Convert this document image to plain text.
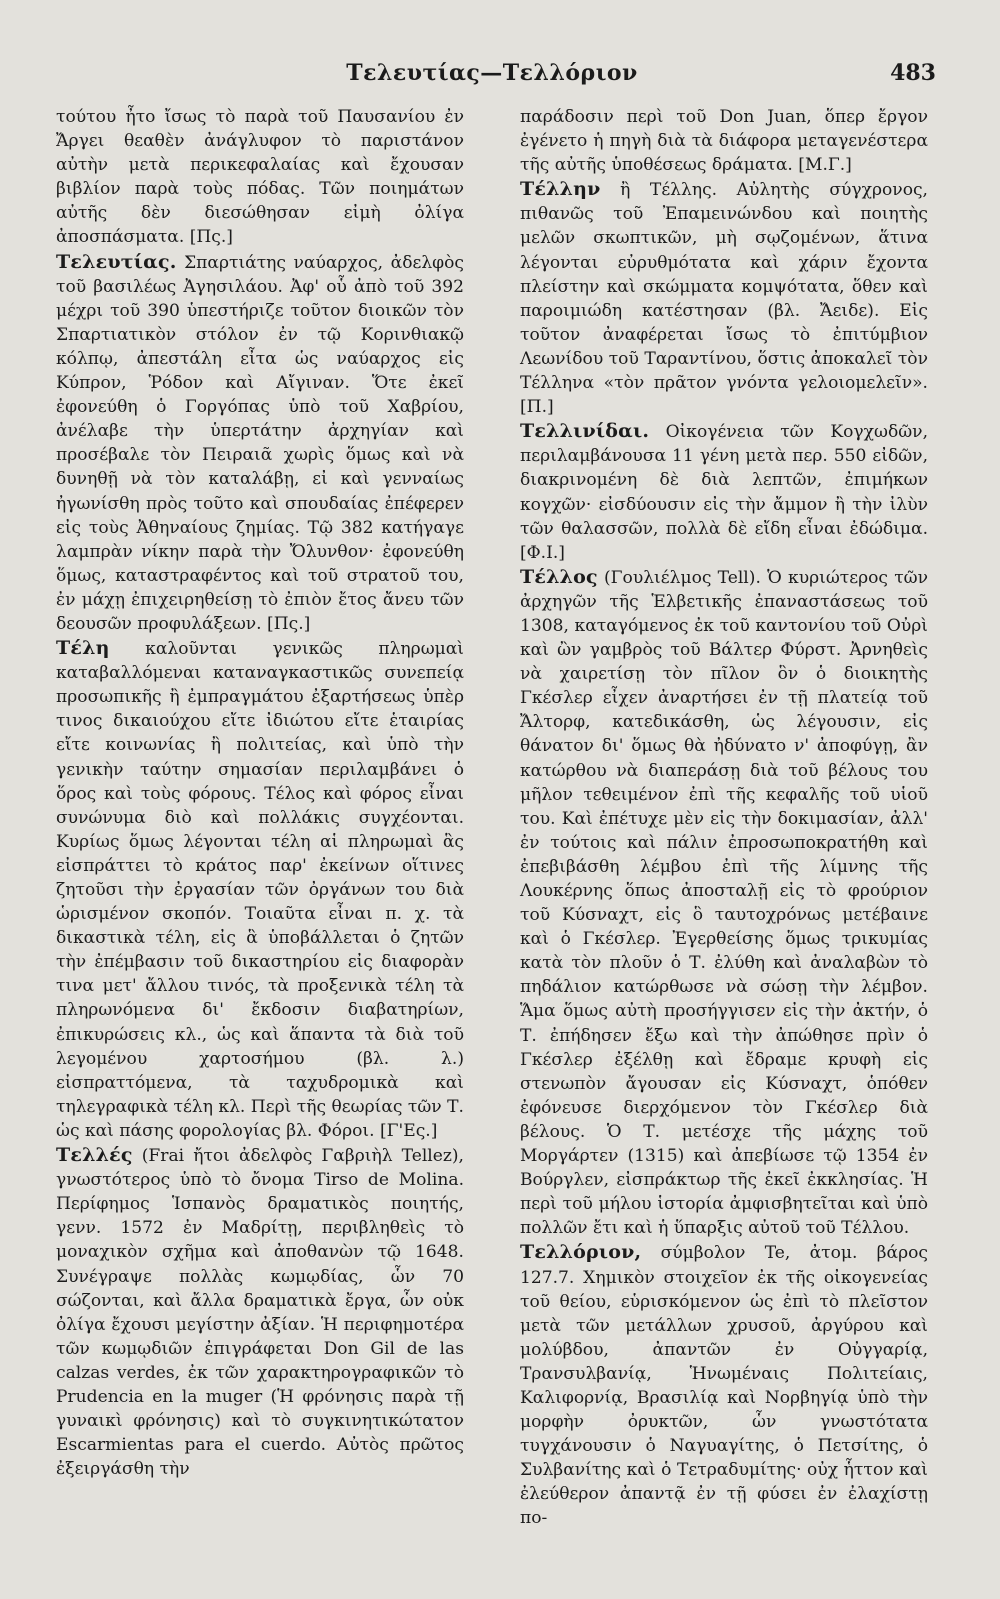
Τελευτίας—Τελλόριον	483

τούτου ἦτο ἴσως τὸ παρὰ τοῦ Παυσανίου ἐν Ἄργει θεαθὲν ἀνάγλυφον τὸ παριστάνον αὐτὴν μετὰ περικεφαλαίας καὶ ἔχουσαν βιβλίον παρὰ τοὺς πόδας. Τῶν ποιημάτων αὐτῆς δὲν διεσώθησαν εἰμὴ ὀλίγα ἀποσπάσματα. [Πς.]

Τελευτίας. Σπαρτιάτης ναύαρχος, ἀδελφὸς τοῦ βασιλέως Ἀγησιλάου. Ἀφ' οὗ ἀπὸ τοῦ 392 μέχρι τοῦ 390 ὑπεστήριζε τοῦτον διοικῶν τὸν Σπαρτιατικὸν στόλον ἐν τῷ Κορινθιακῷ κόλπῳ, ἀπεστάλη εἶτα ὡς ναύαρχος εἰς Κύπρον, Ῥόδον καὶ Αἴγιναν. Ὅτε ἐκεῖ ἐφονεύθη ὁ Γοργόπας ὑπὸ τοῦ Χαβρίου, ἀνέλαβε τὴν ὑπερτάτην ἀρχηγίαν καὶ προσέβαλε τὸν Πειραιᾶ χωρὶς ὅμως καὶ νὰ δυνηθῇ νὰ τὸν καταλάβῃ, εἰ καὶ γενναίως ἠγωνίσθη πρὸς τοῦτο καὶ σπουδαίας ἐπέφερεν εἰς τοὺς Ἀθηναίους ζημίας. Τῷ 382 κατήγαγε λαμπρὰν νίκην παρὰ τὴν Ὄλυνθον· ἐφονεύθη ὅμως, καταστραφέντος καὶ τοῦ στρατοῦ του, ἐν μάχῃ ἐπιχειρηθείσῃ τὸ ἐπιὸν ἔτος ἄνευ τῶν δεουσῶν προφυλάξεων. [Πς.]

Τέλη καλοῦνται γενικῶς πληρωμαὶ καταβαλλόμεναι καταναγκαστικῶς συνεπείᾳ προσωπικῆς ἢ ἐμπραγμάτου ἐξαρτήσεως ὑπὲρ τινος δικαιούχου εἴτε ἰδιώτου εἴτε ἑταιρίας εἴτε κοινωνίας ἢ πολιτείας, καὶ ὑπὸ τὴν γενικὴν ταύτην σημασίαν περιλαμβάνει ὁ ὅρος καὶ τοὺς φόρους. Τέλος καὶ φόρος εἶναι συνώνυμα διὸ καὶ πολλάκις συγχέονται. Κυρίως ὅμως λέγονται τέλη αἱ πληρωμαὶ ἃς εἰσπράττει τὸ κράτος παρ' ἐκείνων οἵτινες ζητοῦσι τὴν ἐργασίαν τῶν ὀργάνων του διὰ ὡρισμένον σκοπόν. Τοιαῦτα εἶναι π. χ. τὰ δικαστικὰ τέλη, εἰς ἃ ὑποβάλλεται ὁ ζητῶν τὴν ἐπέμβασιν τοῦ δικαστηρίου εἰς διαφορὰν τινα μετ' ἄλλου τινός, τὰ προξενικὰ τέλη τὰ πληρωνόμενα δι' ἔκδοσιν διαβατηρίων, ἐπικυρώσεις κλ., ὡς καὶ ἅπαντα τὰ διὰ τοῦ λεγομένου χαρτοσήμου (βλ. λ.) εἰσπραττόμενα, τὰ ταχυδρομικὰ καὶ τηλεγραφικὰ τέλη κλ. Περὶ τῆς θεωρίας τῶν Τ. ὡς καὶ πάσης φορολογίας βλ. Φόροι. [Γ'Ες.]

Τελλές (Frai ἤτοι ἀδελφὸς Γαβριὴλ Tellez), γνωστότερος ὑπὸ τὸ ὄνομα Tirso de Molina. Περίφημος Ἱσπανὸς δραματικὸς ποιητής, γενν. 1572 ἐν Μαδρίτῃ, περιβληθεὶς τὸ μοναχικὸν σχῆμα καὶ ἀποθανὼν τῷ 1648. Συνέγραψε πολλὰς κωμῳδίας, ὧν 70 σώζονται, καὶ ἄλλα δραματικὰ ἔργα, ὧν οὐκ ὀλίγα ἔχουσι μεγίστην ἀξίαν. Ἡ περιφημοτέρα τῶν κωμῳδιῶν ἐπιγράφεται Don Gil de las calzas verdes, ἐκ τῶν χαρακτηρογραφικῶν τὸ Prudencia en la muger (Ἡ φρόνησις παρὰ τῇ γυναικὶ φρόνησις) καὶ τὸ συγκινητικώτατον Escarmientas para el cuerdo. Αὐτὸς πρῶτος ἐξειργάσθη τὴν

παράδοσιν περὶ τοῦ Don Juan, ὅπερ ἔργον ἐγένετο ἡ πηγὴ διὰ τὰ διάφορα μεταγενέστερα τῆς αὐτῆς ὑποθέσεως δράματα. [Μ.Γ.]

Τέλλην ἢ Τέλλης. Αὐλητὴς σύγχρονος, πιθανῶς τοῦ Ἐπαμεινώνδου καὶ ποιητὴς μελῶν σκωπτικῶν, μὴ σῳζομένων, ἅτινα λέγονται εὐρυθμότατα καὶ χάριν ἔχοντα πλείστην καὶ σκώμματα κομψότατα, ὅθεν καὶ παροιμιώδη κατέστησαν (βλ. Ἄειδε). Εἰς τοῦτον ἀναφέρεται ἴσως τὸ ἐπιτύμβιον Λεωνίδου τοῦ Ταραντίνου, ὅστις ἀποκαλεῖ τὸν Τέλληνα «τὸν πρᾶτον γνόντα γελοιομελεῖν». [Π.]

Τελλινίδαι. Οἰκογένεια τῶν Κογχωδῶν, περιλαμβάνουσα 11 γένη μετὰ περ. 550 εἰδῶν, διακρινομένη δὲ διὰ λεπτῶν, ἐπιμήκων κογχῶν· εἰσδύουσιν εἰς τὴν ἄμμον ἢ τὴν ἰλὺν τῶν θαλασσῶν, πολλὰ δὲ εἴδη εἶναι ἐδώδιμα. [Φ.Ι.]

Τέλλος (Γουλιέλμος Tell). Ὁ κυριώτερος τῶν ἀρχηγῶν τῆς Ἑλβετικῆς ἐπαναστάσεως τοῦ 1308, καταγόμενος ἐκ τοῦ καντονίου τοῦ Οὐρὶ καὶ ὢν γαμβρὸς τοῦ Βάλτερ Φύρστ. Ἀρνηθεὶς νὰ χαιρετίσῃ τὸν πῖλον ὃν ὁ διοικητὴς Γκέσλερ εἶχεν ἀναρτήσει ἐν τῇ πλατείᾳ τοῦ Ἄλτορφ, κατεδικάσθη, ὡς λέγουσιν, εἰς θάνατον δι' ὅμως θὰ ἠδύνατο ν' ἀποφύγῃ, ἂν κατώρθου νὰ διαπεράσῃ διὰ τοῦ βέλους του μῆλον τεθειμένον ἐπὶ τῆς κεφαλῆς τοῦ υἱοῦ του. Καὶ ἐπέτυχε μὲν εἰς τὴν δοκιμασίαν, ἀλλ' ἐν τούτοις καὶ πάλιν ἐπροσωποκρατήθη καὶ ἐπεβιβάσθη λέμβου ἐπὶ τῆς λίμνης τῆς Λουκέρνης ὅπως ἀποσταλῇ εἰς τὸ φρούριον τοῦ Κύσναχτ, εἰς ὃ ταυτοχρόνως μετέβαινε καὶ ὁ Γκέσλερ. Ἐγερθείσης ὅμως τρικυμίας κατὰ τὸν πλοῦν ὁ Τ. ἐλύθη καὶ ἀναλαβὼν τὸ πηδάλιον κατώρθωσε νὰ σώσῃ τὴν λέμβον. Ἅμα ὅμως αὐτὴ προσήγγισεν εἰς τὴν ἀκτήν, ὁ Τ. ἐπήδησεν ἔξω καὶ τὴν ἀπώθησε πρὶν ὁ Γκέσλερ ἐξέλθῃ καὶ ἔδραμε κρυφὴ εἰς στενωπὸν ἄγουσαν εἰς Κύσναχτ, ὁπόθεν ἐφόνευσε διερχόμενον τὸν Γκέσλερ διὰ βέλους. Ὁ Τ. μετέσχε τῆς μάχης τοῦ Μοργάρτεν (1315) καὶ ἀπεβίωσε τῷ 1354 ἐν Βούργλεν, εἰσπράκτωρ τῆς ἐκεῖ ἐκκλησίας. Ἡ περὶ τοῦ μήλου ἱστορία ἀμφισβητεῖται καὶ ὑπὸ πολλῶν ἔτι καὶ ἡ ὕπαρξις αὐτοῦ τοῦ Τέλλου.

Τελλόριον, σύμβολον Te, ἀτομ. βάρος 127.7. Χημικὸν στοιχεῖον ἐκ τῆς οἰκογενείας τοῦ θείου, εὑρισκόμενον ὡς ἐπὶ τὸ πλεῖστον μετὰ τῶν μετάλλων χρυσοῦ, ἀργύρου καὶ μολύβδου, ἀπαντῶν ἐν Οὐγγαρίᾳ, Τρανσυλβανίᾳ, Ἡνωμέναις Πολιτείαις, Καλιφορνίᾳ, Βρασιλίᾳ καὶ Νορβηγίᾳ ὑπὸ τὴν μορφὴν ὀρυκτῶν, ὧν γνωστότατα τυγχάνουσιν ὁ Ναγυαγίτης, ὁ Πετσίτης, ὁ Συλβανίτης καὶ ὁ Τετραδυμίτης· οὐχ ἧττον καὶ ἐλεύθερον ἀπαντᾷ ἐν τῇ φύσει ἐν ἐλαχίστῃ πο-
